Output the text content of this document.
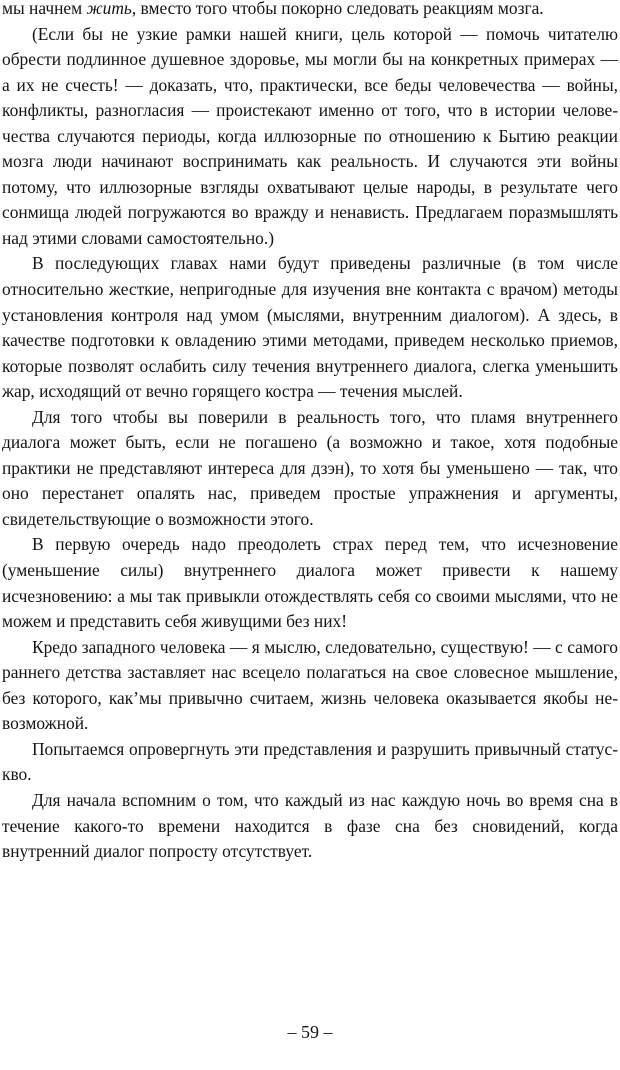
мы начнем жить, вместо того чтобы покорно следовать реакциям мозга.

(Если бы не узкие рамки нашей книги, цель которой — помочь читателю обрести подлинное душевное здоровье, мы могли бы на конкретных примерах — а их не счесть! — доказать, что, практически, все беды человечества — войны, конфликты, разногласия — проистекают именно от того, что в истории человечества случаются периоды, когда иллюзорные по отношению к Бытию реакции мозга люди начинают воспринимать как реальность. И случаются эти войны потому, что иллюзорные взгляды охватывают целые народы, в результате чего сонмища людей погружаются во вражду и ненависть. Предлагаем поразмышлять над этими словами самостоятельно.)

В последующих главах нами будут приведены различные (в том числе относительно жесткие, непригодные для изучения вне контакта с врачом) методы установления контроля над умом (мыслями, внутренним диалогом). А здесь, в качестве подготовки к овладению этими методами, приведем несколько приемов, которые позволят ослабить силу течения внутреннего диалога, слегка уменьшить жар, исходящий от вечно горящего костра — течения мыслей.

Для того чтобы вы поверили в реальность того, что пламя внутреннего диалога может быть, если не погашено (а возможно и такое, хотя подобные практики не представляют интереса для дзэн), то хотя бы уменьшено — так, что оно перестанет опалять нас, приведем простые упражнения и аргументы, свидетельствующие о возможности этого.

В первую очередь надо преодолеть страх перед тем, что исчезновение (уменьшение силы) внутреннего диалога может привести к нашему исчезновению: а мы так привыкли отождествлять себя со своими мыслями, что не можем и представить себя живущими без них!

Кредо западного человека — я мыслю, следовательно, существую! — с самого раннего детства заставляет нас всецело полагаться на свое словесное мышление, без которого, какʼмы привычно считаем, жизнь человека оказывается якобы невозможной.

Попытаемся опровергнуть эти представления и разрушить привычный статус-кво.

Для начала вспомним о том, что каждый из нас каждую ночь во время сна в течение какого-то времени находится в фазе сна без сновидений, когда внутренний диалог попросту отсутствует.

– 59 –
